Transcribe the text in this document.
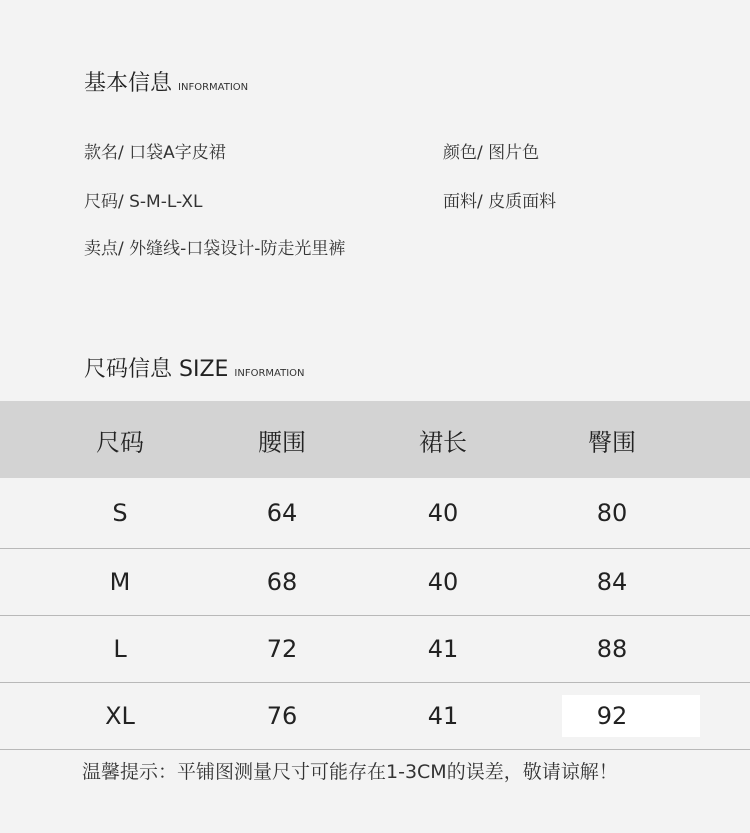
基本信息 INFORMATION
款名/ 口袋A字皮裙	颜色/ 图片色
尺码/ S-M-L-XL	面料/ 皮质面料
卖点/ 外缝线-口袋设计-防走光里裤
尺码信息 SIZE INFORMATION
尺码	腰围	裙长	臀围
S	64	40	80
M	68	40	84
L	72	41	88
XL	76	41	92
温馨提示：平铺图测量尺寸可能存在1-3CM的误差，敬请谅解！
